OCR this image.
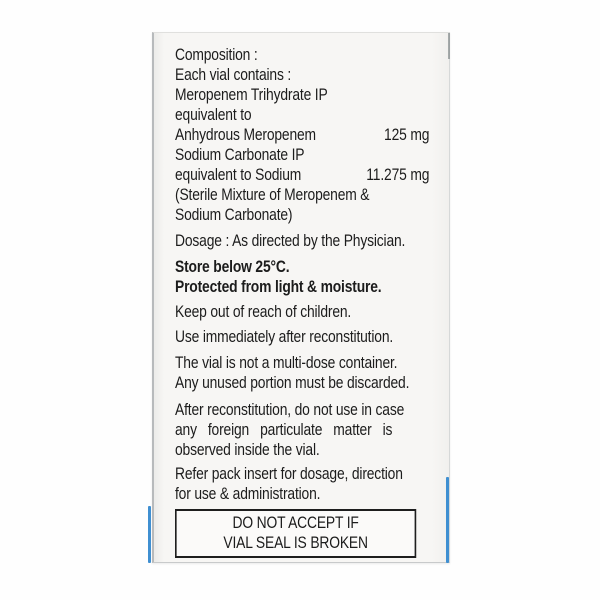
Composition :

Each vial contains :

Meropenem Trihydrate IP

equivalent to

Anhydrous Meropenem	125 mg

Sodium Carbonate IP

equivalent to Sodium	11.275 mg

(Sterile Mixture of Meropenem &

Sodium Carbonate)

Dosage : As directed by the Physician.

Store below 25°C.

Protected from light & moisture.

Keep out of reach of children.

Use immediately after reconstitution.

The vial is not a multi-dose container.

Any unused portion must be discarded.

After reconstitution, do not use in case

any foreign particulate matter is

observed inside the vial.

Refer pack insert for dosage, direction

for use & administration.

DO NOT ACCEPT IF

VIAL SEAL IS BROKEN
